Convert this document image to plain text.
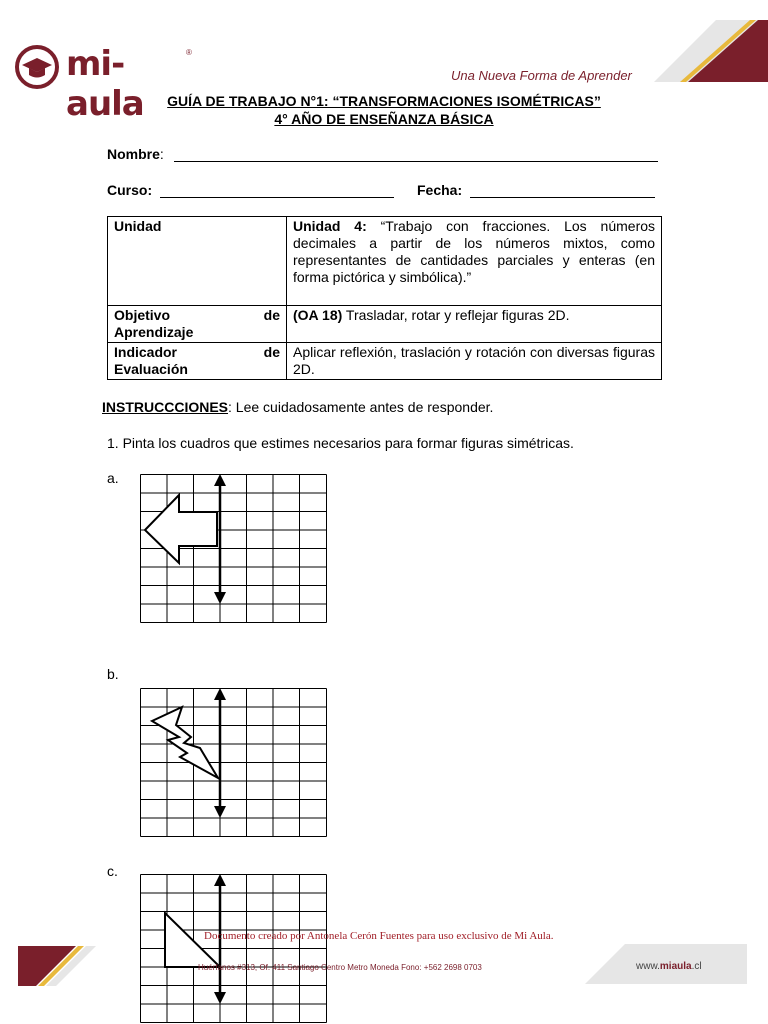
mi-aula
®
Una Nueva Forma de Aprender
GUÍA DE TRABAJO N°1: “TRANSFORMACIONES ISOMÉTRICAS”
4° AÑO DE ENSEÑANZA BÁSICA
Nombre:
Curso:	Fecha:
Unidad	Unidad 4: “Trabajo con fracciones. Los números decimales a partir de los números mixtos, como representantes de cantidades parciales y enteras (en forma pictórica y simbólica).”

Objetivo de
Aprendizaje	(OA 18) Trasladar, rotar y reflejar figuras 2D.

Indicador de
Evaluación	Aplicar reflexión, traslación y rotación con diversas figuras 2D.
INSTRUCCCIONES: Lee cuidadosamente antes de responder.
1. Pinta los cuadros que estimes necesarios para formar figuras simétricas.
a.
b.
c.
Documento creado por Antonela Cerón Fuentes para uso exclusivo de Mi Aula.
Huérfanos #313, Of. 411 Santiago Centro Metro Moneda Fono: +562 2698 0703	www.miaula.cl
